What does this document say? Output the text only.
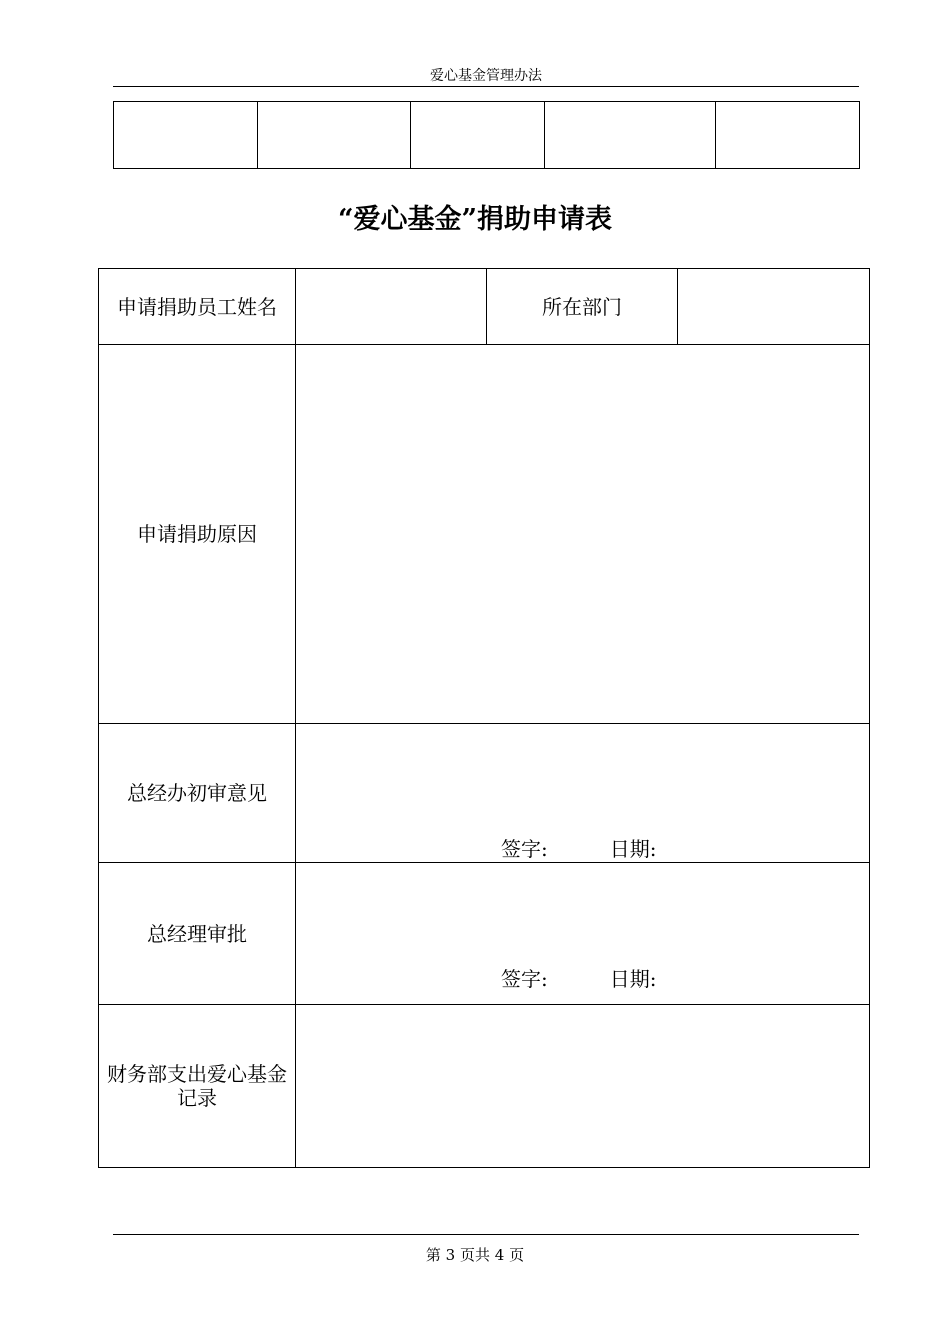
爱心基金管理办法

“爱心基金”捐助申请表
申请捐助员工姓名		所在部门	
申请捐助原因			
总经办初审意见	签字: 日期:		

总经理审批	签字: 日期:		

财务部支出爱心基金记录			
第 3 页共 4 页
